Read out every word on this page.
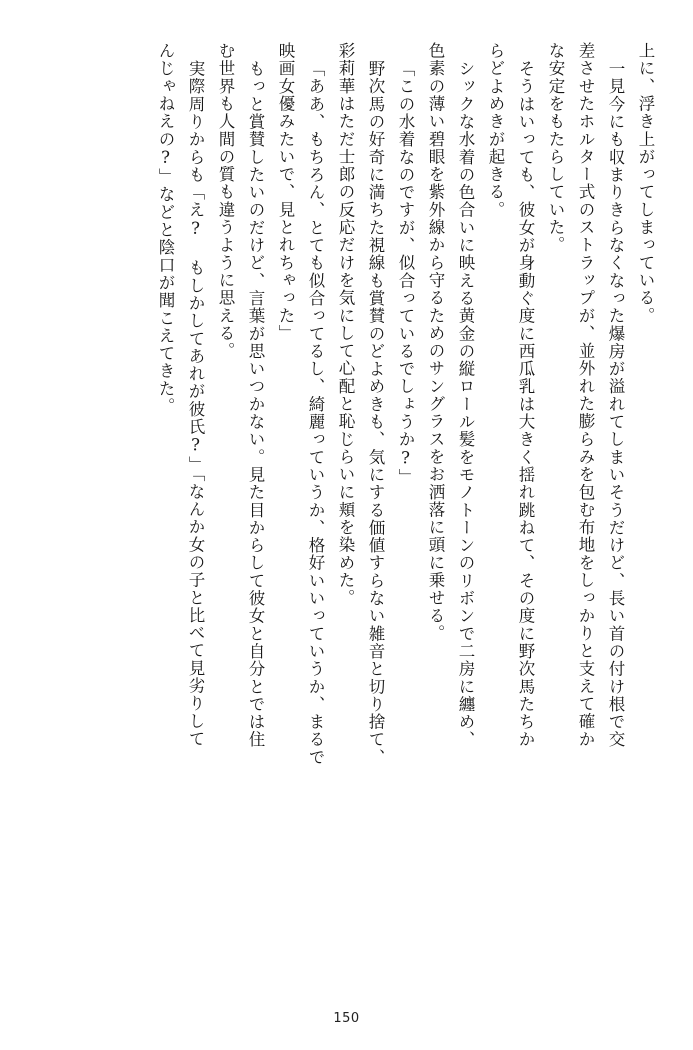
上に、浮き上がってしまっている。
一見今にも収まりきらなくなった爆房が溢れてしまいそうだけど、長い首の付け根で交
差させたホルター式のストラップが、並外れた膨らみを包む布地をしっかりと支えて確か
な安定をもたらしていた。
そうはいっても、彼女が身動ぐ度に西瓜乳は大きく揺れ跳ねて、その度に野次馬たちか
らどよめきが起きる。
シックな水着の色合いに映える黄金の縦ロール髪をモノトーンのリボンで二房に纏め、
色素の薄い碧眼を紫外線から守るためのサングラスをお洒落に頭に乗せる。
「この水着なのですが、似合っているでしょうか?」
野次馬の好奇に満ちた視線も賞賛のどよめきも、気にする価値すらない雑音と切り捨て、
彩莉華はただ士郎の反応だけを気にして心配と恥じらいに頬を染めた。
「ああ、もちろん、とても似合ってるし、綺麗っていうか、格好いいっていうか、まるで
映画女優みたいで、見とれちゃった」
もっと賞賛したいのだけど、言葉が思いつかない。見た目からして彼女と自分とでは住
む世界も人間の質も違うように思える。
実際周りからも「え? もしかしてあれが彼氏?」「なんか女の子と比べて見劣りして
んじゃねえの?」などと陰口が聞こえてきた。
150
